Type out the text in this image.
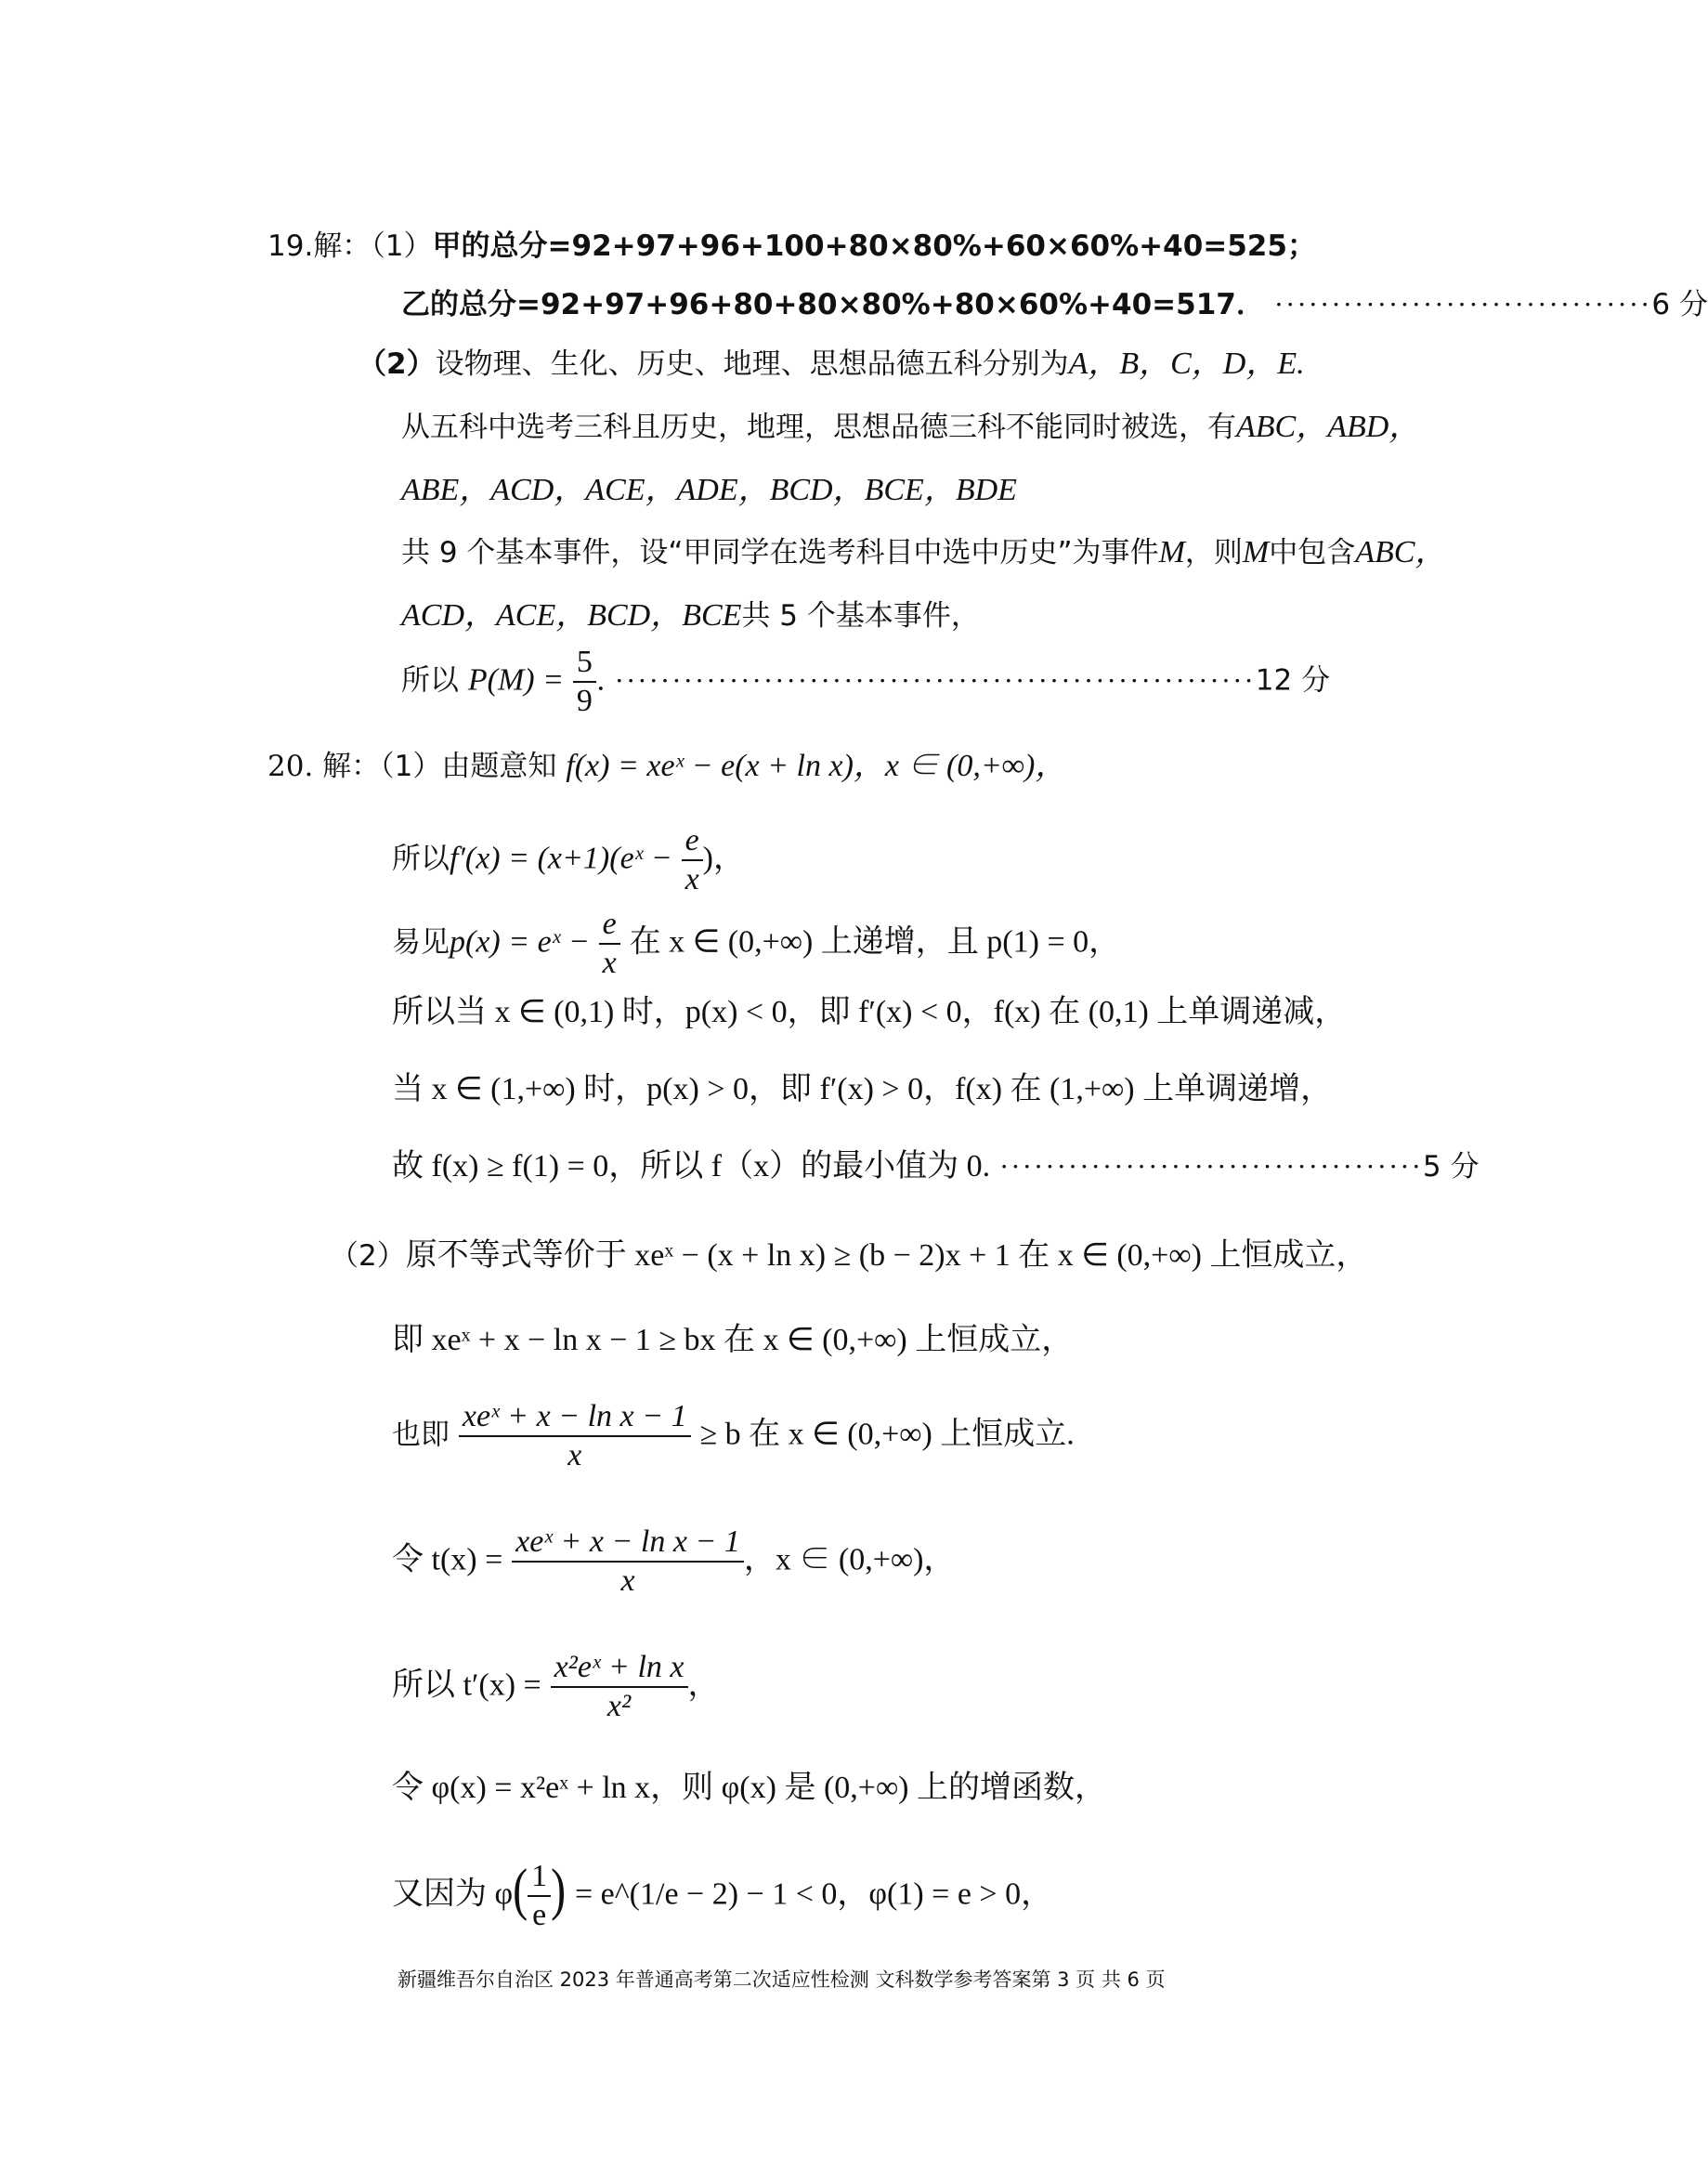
19.解：（1）甲的总分=92+97+96+100+80×80%+60×60%+40=525；
乙的总分=92+97+96+80+80×80%+80×60%+40=517． ·································6 分
（2）设物理、生化、历史、地理、思想品德五科分别为A，B，C，D，E.
从五科中选考三科且历史，地理，思想品德三科不能同时被选，有ABC，ABD，
ABE，ACD，ACE，ADE，BCD，BCE，BDE
共 9 个基本事件，设“甲同学在选考科目中选中历史”为事件M，则M中包含ABC，
ACD，ACE，BCD，BCE共 5 个基本事件，
所以 $P(M) = \frac{5}{9}$ . ························································12 分
20. 解：（1）由题意知 f(x) = xeˣ − e(x + ln x)，x ∈ (0,+∞)，
所以f′(x) = (x+1)(eˣ − $\frac{e}{x}$ )，
易见p(x) = eˣ − $\frac{e}{x}$ 在 x ∈ (0,+∞) 上递增，且 p(1) = 0，
所以当 x ∈ (0,1) 时，p(x) < 0，即 f′(x) < 0，f(x) 在 (0,1) 上单调递减，
当 x ∈ (1,+∞) 时，p(x) > 0，即 f′(x) > 0，f(x) 在 (1,+∞) 上单调递增，
故 f(x) ≥ f(1) = 0，所以 f（x）的最小值为 0. ·····································5 分
（2）原不等式等价于 xeˣ − (x + ln x) ≥ (b − 2)x + 1 在 x ∈ (0,+∞) 上恒成立，
即 xeˣ + x − ln x − 1 ≥ bx 在 x ∈ (0,+∞) 上恒成立，
也即 $\frac{\text{xeˣ + x − ln x − 1}}{x} \ge b$ 在 x ∈ (0,+∞) 上恒成立.
令 $t(x) = \frac{\text{xeˣ + x − ln x − 1}}{x}$ ，x ∈ (0,+∞)，
所以 $t'(x) = \frac{\text{x²eˣ + ln x}}{\text{x²}}$ ，
令 φ(x) = x²eˣ + ln x，则 φ(x) 是 (0,+∞) 上的增函数，
又因为 $\varphi( \frac{1}{e}$ ) = e^(1/e − 2) − 1 < 0，φ(1) = e > 0，
新疆维吾尔自治区 2023 年普通高考第二次适应性检测 文科数学参考答案第 3 页 共 6 页
